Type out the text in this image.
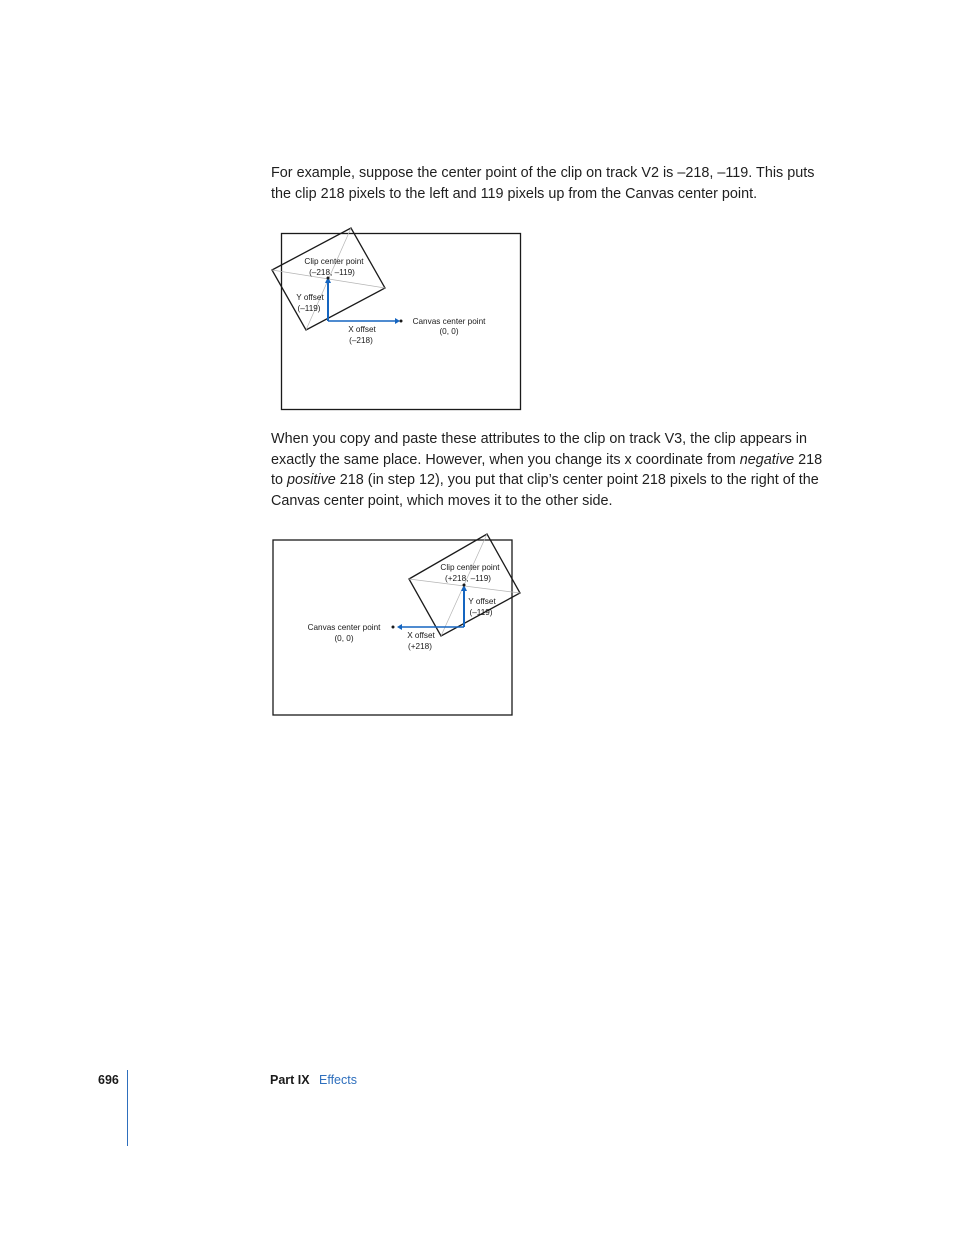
For example, suppose the center point of the clip on track V2 is –218, –119. This puts the clip 218 pixels to the left and 119 pixels up from the Canvas center point.

Clip center point
(–218, –119)
Y offset
(–119)
X offset
(–218)
Canvas center point
(0, 0)

When you copy and paste these attributes to the clip on track V3, the clip appears in exactly the same place. However, when you change its x coordinate from negative 218 to positive 218 (in step 12), you put that clip’s center point 218 pixels to the right of the Canvas center point, which moves it to the other side.

Clip center point
(+218, –119)
Y offset
(–119)
X offset
(+218)
Canvas center point
(0, 0)
696	Part IX Effects
